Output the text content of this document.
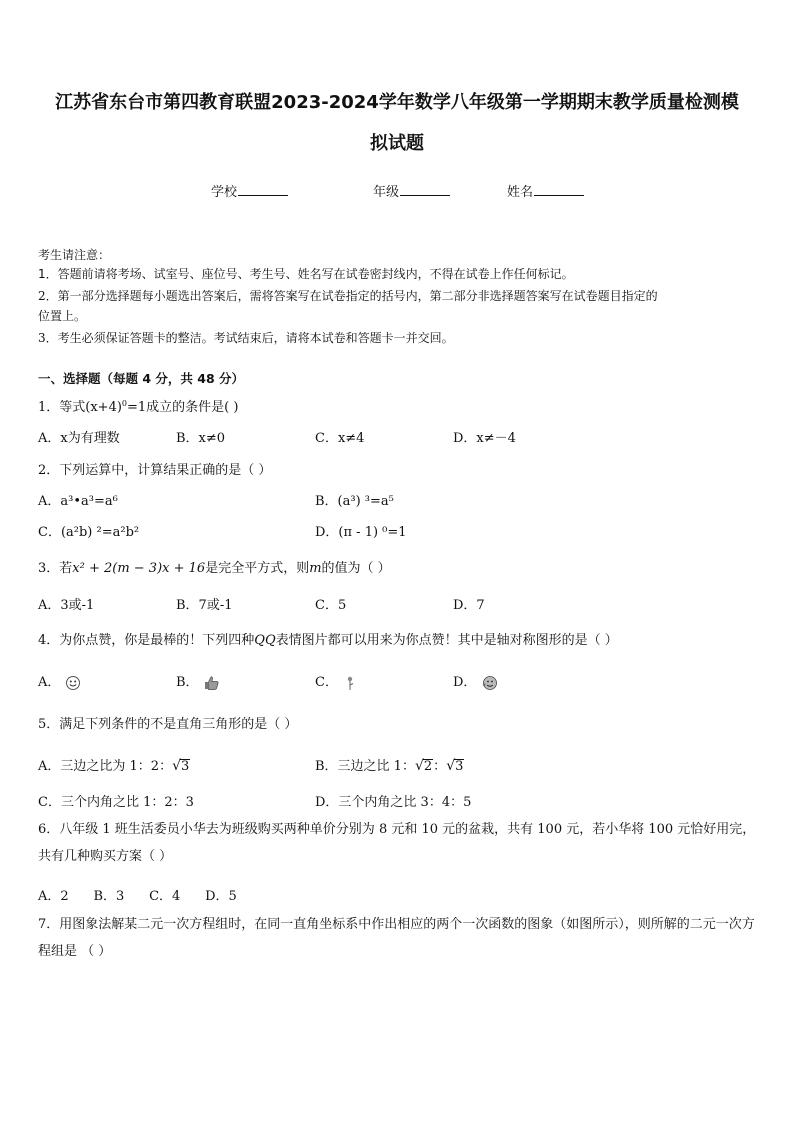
江苏省东台市第四教育联盟2023-2024学年数学八年级第一学期期末教学质量检测模
拟试题
学校	年级	姓名
考生请注意：
1．答题前请将考场、试室号、座位号、考生号、姓名写在试卷密封线内，不得在试卷上作任何标记。
2．第一部分选择题每小题选出答案后，需将答案写在试卷指定的括号内，第二部分非选择题答案写在试卷题目指定的
位置上。
3．考生必须保证答题卡的整洁。考试结束后，请将本试卷和答题卡一并交回。
一、选择题（每题 4 分，共 48 分）
1．等式$(x+4)^0=1$成立的条件是( )
A．x为有理数	B．x≠0	C．x≠4	D．x≠－4
2．下列运算中，计算结果正确的是（ ）
A．a³•a³=a⁶	B．(a³) ³=a⁵
C．(a²b) ²=a²b²	D．(π - 1) ⁰=1
3．若x² + 2(m − 3)x + 16是完全平方式，则m的值为（ ）
A．3或-1	B．7或-1	C．5	D．7
4．为你点赞，你是最棒的！下列四种QQ表情图片都可以用来为你点赞！其中是轴对称图形的是（ ）
A．	B．	C．	D．
5．满足下列条件的不是直角三角形的是（ ）
A．三边之比为 1：2：√3	B．三边之比 1：√2：√3
C．三个内角之比 1：2：3	D．三个内角之比 3：4：5
6．八年级 1 班生活委员小华去为班级购买两种单价分别为 8 元和 10 元的盆栽，共有 100 元，若小华将 100 元恰好用完，共有几种购买方案（ ）
A．2      B．3      C．4      D．5
7．用图象法解某二元一次方程组时，在同一直角坐标系中作出相应的两个一次函数的图象（如图所示），则所解的二元一次方程组是 （ ）
